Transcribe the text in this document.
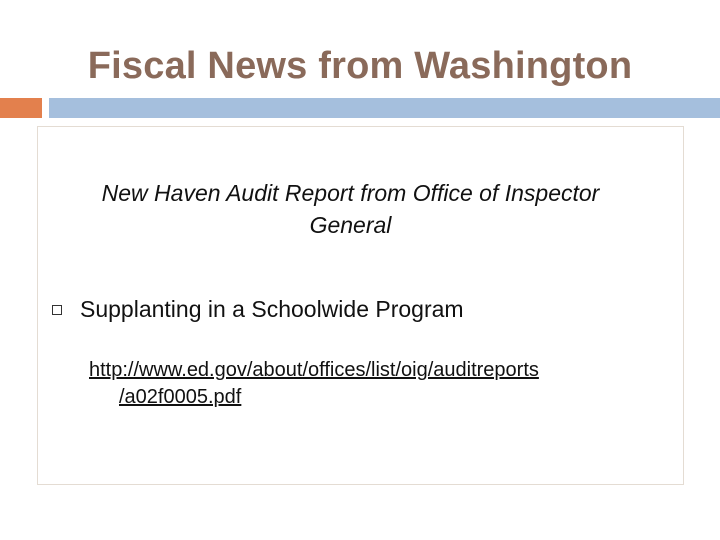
Fiscal News from Washington

New Haven Audit Report from Office of Inspector General

Supplanting in a Schoolwide Program
http://www.ed.gov/about/offices/list/oig/auditreports
/a02f0005.pdf
